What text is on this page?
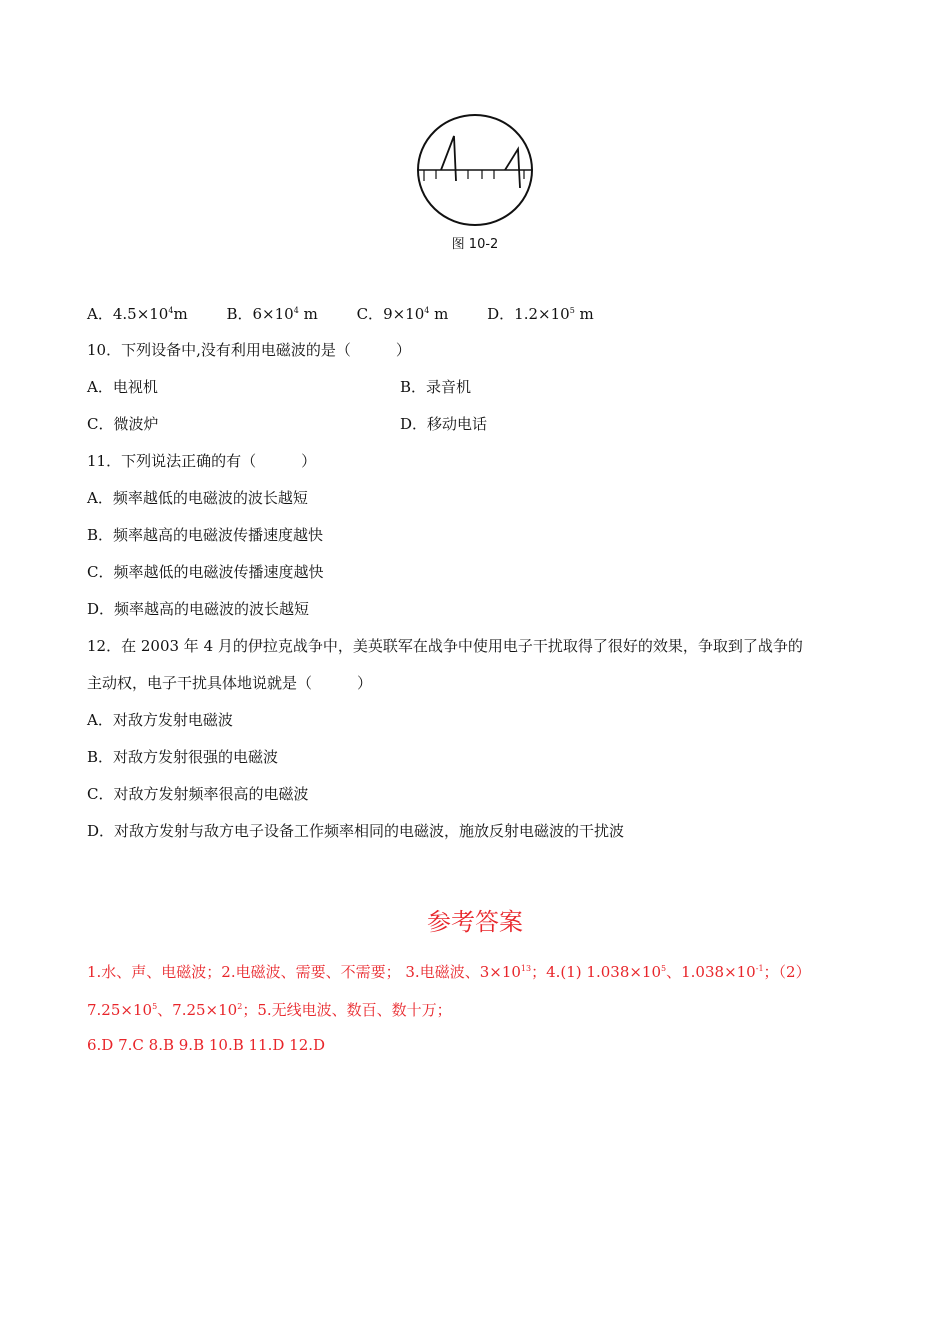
图 10-2
A．$4.5\times 10^4m$	B．$6\times 10^4$ m	C．$9\times 10^4$ m	D．$1.2\times 10^5$ m
10．下列设备中,没有利用电磁波的是（　　　）
A．电视机	B．录音机
C．微波炉	D．移动电话
11．下列说法正确的有（　　　）
A．频率越低的电磁波的波长越短
B．频率越高的电磁波传播速度越快
C．频率越低的电磁波传播速度越快
D．频率越高的电磁波的波长越短
12．在 2003 年 4 月的伊拉克战争中，美英联军在战争中使用电子干扰取得了很好的效果，争取到了战争的
主动权，电子干扰具体地说就是（　　　）
A．对敌方发射电磁波
B．对敌方发射很强的电磁波
C．对敌方发射频率很高的电磁波
D．对敌方发射与敌方电子设备工作频率相同的电磁波，施放反射电磁波的干扰波
参考答案
1.水、声、电磁波；2.电磁波、需要、不需要； 3.电磁波、$3\times 10^{13}$；4.(1) $1.038\times 10^5$、$1.038\times 10^{-1}$；（2）
$7.25\times 10^5$、$7.25\times 10^2$；5.无线电波、数百、数十万；
6.D 7.C 8.B 9.B 10.B 11.D 12.D
